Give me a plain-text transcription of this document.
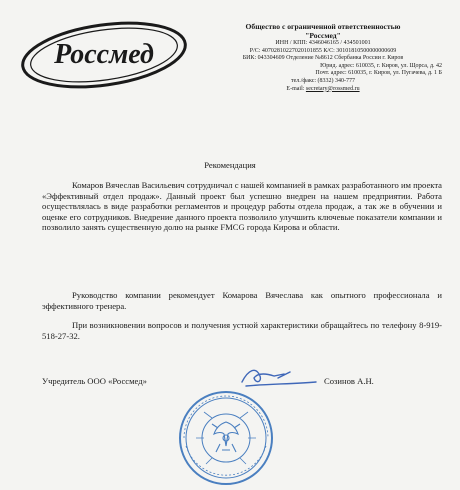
Россмед
Общество с ограниченной ответственностью
"Россмед"
ИНН / КПП: 4346046165 / 434501001
Р/С: 40702810227020101855 К/С: 30101810500000000609
БИК: 043304609 Отделение №8612 Сбербанка России г. Киров
Юрид. адрес: 610035, г. Киров, ул. Щорса, д. 42
Почт. адрес: 610035, г. Киров, ул. Пугачева, д. 1 Б
тел./факс: (8332) 340-777
E-mail: secretary@rossmed.ru
Рекомендация
Комаров Вячеслав Васильевич сотрудничал с нашей компанией в рамках разработанного им проекта «Эффективный отдел продаж». Данный проект был успешно внедрен на нашем предприятии. Работа осуществлялась в виде разработки регламентов и процедур работы отдела продаж, а так же в обучении и оценке его сотрудников. Внедрение данного проекта позволило улучшить ключевые показатели компании и позволило занять существенную долю на рынке FMCG города Кирова и области.
Руководство компании рекомендует Комарова Вячеслава как опытного профессионала и эффективного тренера.
При возникновении вопросов и получения устной характеристики обращайтесь по телефону 8-919-518-27-32.
Учредитель ООО «Россмед»	Созинов А.Н.
